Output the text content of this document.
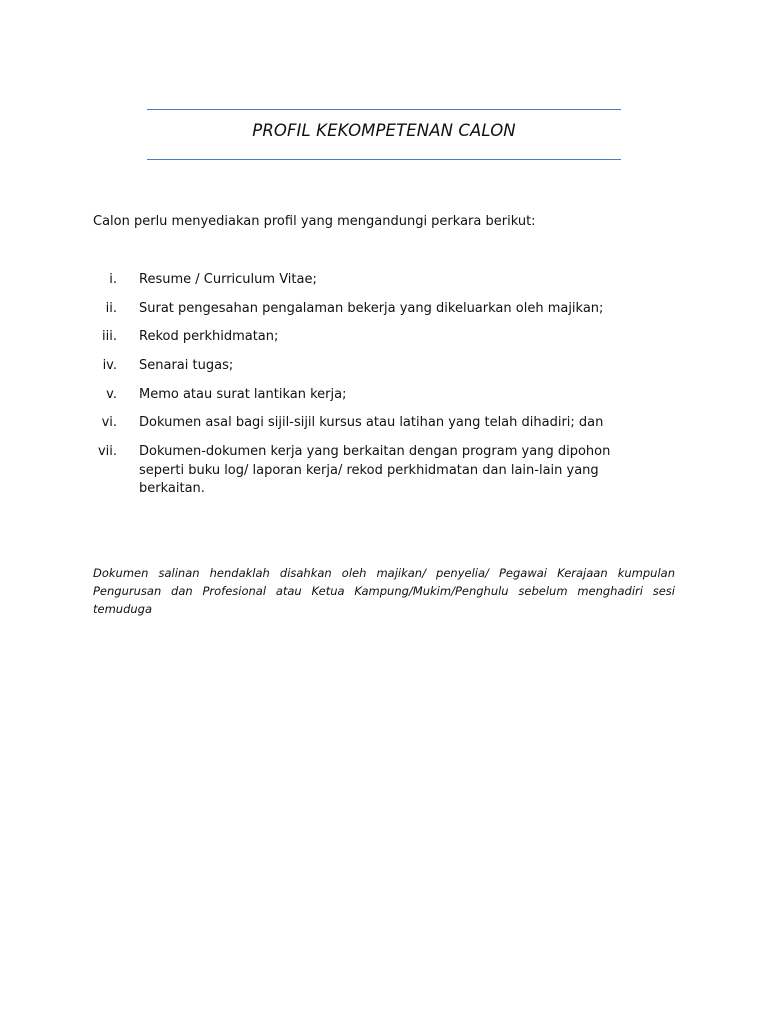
PROFIL KEKOMPETENAN CALON
Calon perlu menyediakan profil yang mengandungi perkara berikut:
i. Resume / Curriculum Vitae;
ii. Surat pengesahan pengalaman bekerja yang dikeluarkan oleh majikan;
iii. Rekod perkhidmatan;
iv. Senarai tugas;
v. Memo atau surat lantikan kerja;
vi. Dokumen asal bagi sijil-sijil kursus atau latihan yang telah dihadiri; dan
vii. Dokumen-dokumen kerja yang berkaitan dengan program yang dipohon seperti buku log/ laporan kerja/ rekod perkhidmatan dan lain-lain yang berkaitan.
Dokumen salinan hendaklah disahkan oleh majikan/ penyelia/ Pegawai Kerajaan kumpulan Pengurusan dan Profesional atau Ketua Kampung/Mukim/Penghulu sebelum menghadiri sesi temuduga
